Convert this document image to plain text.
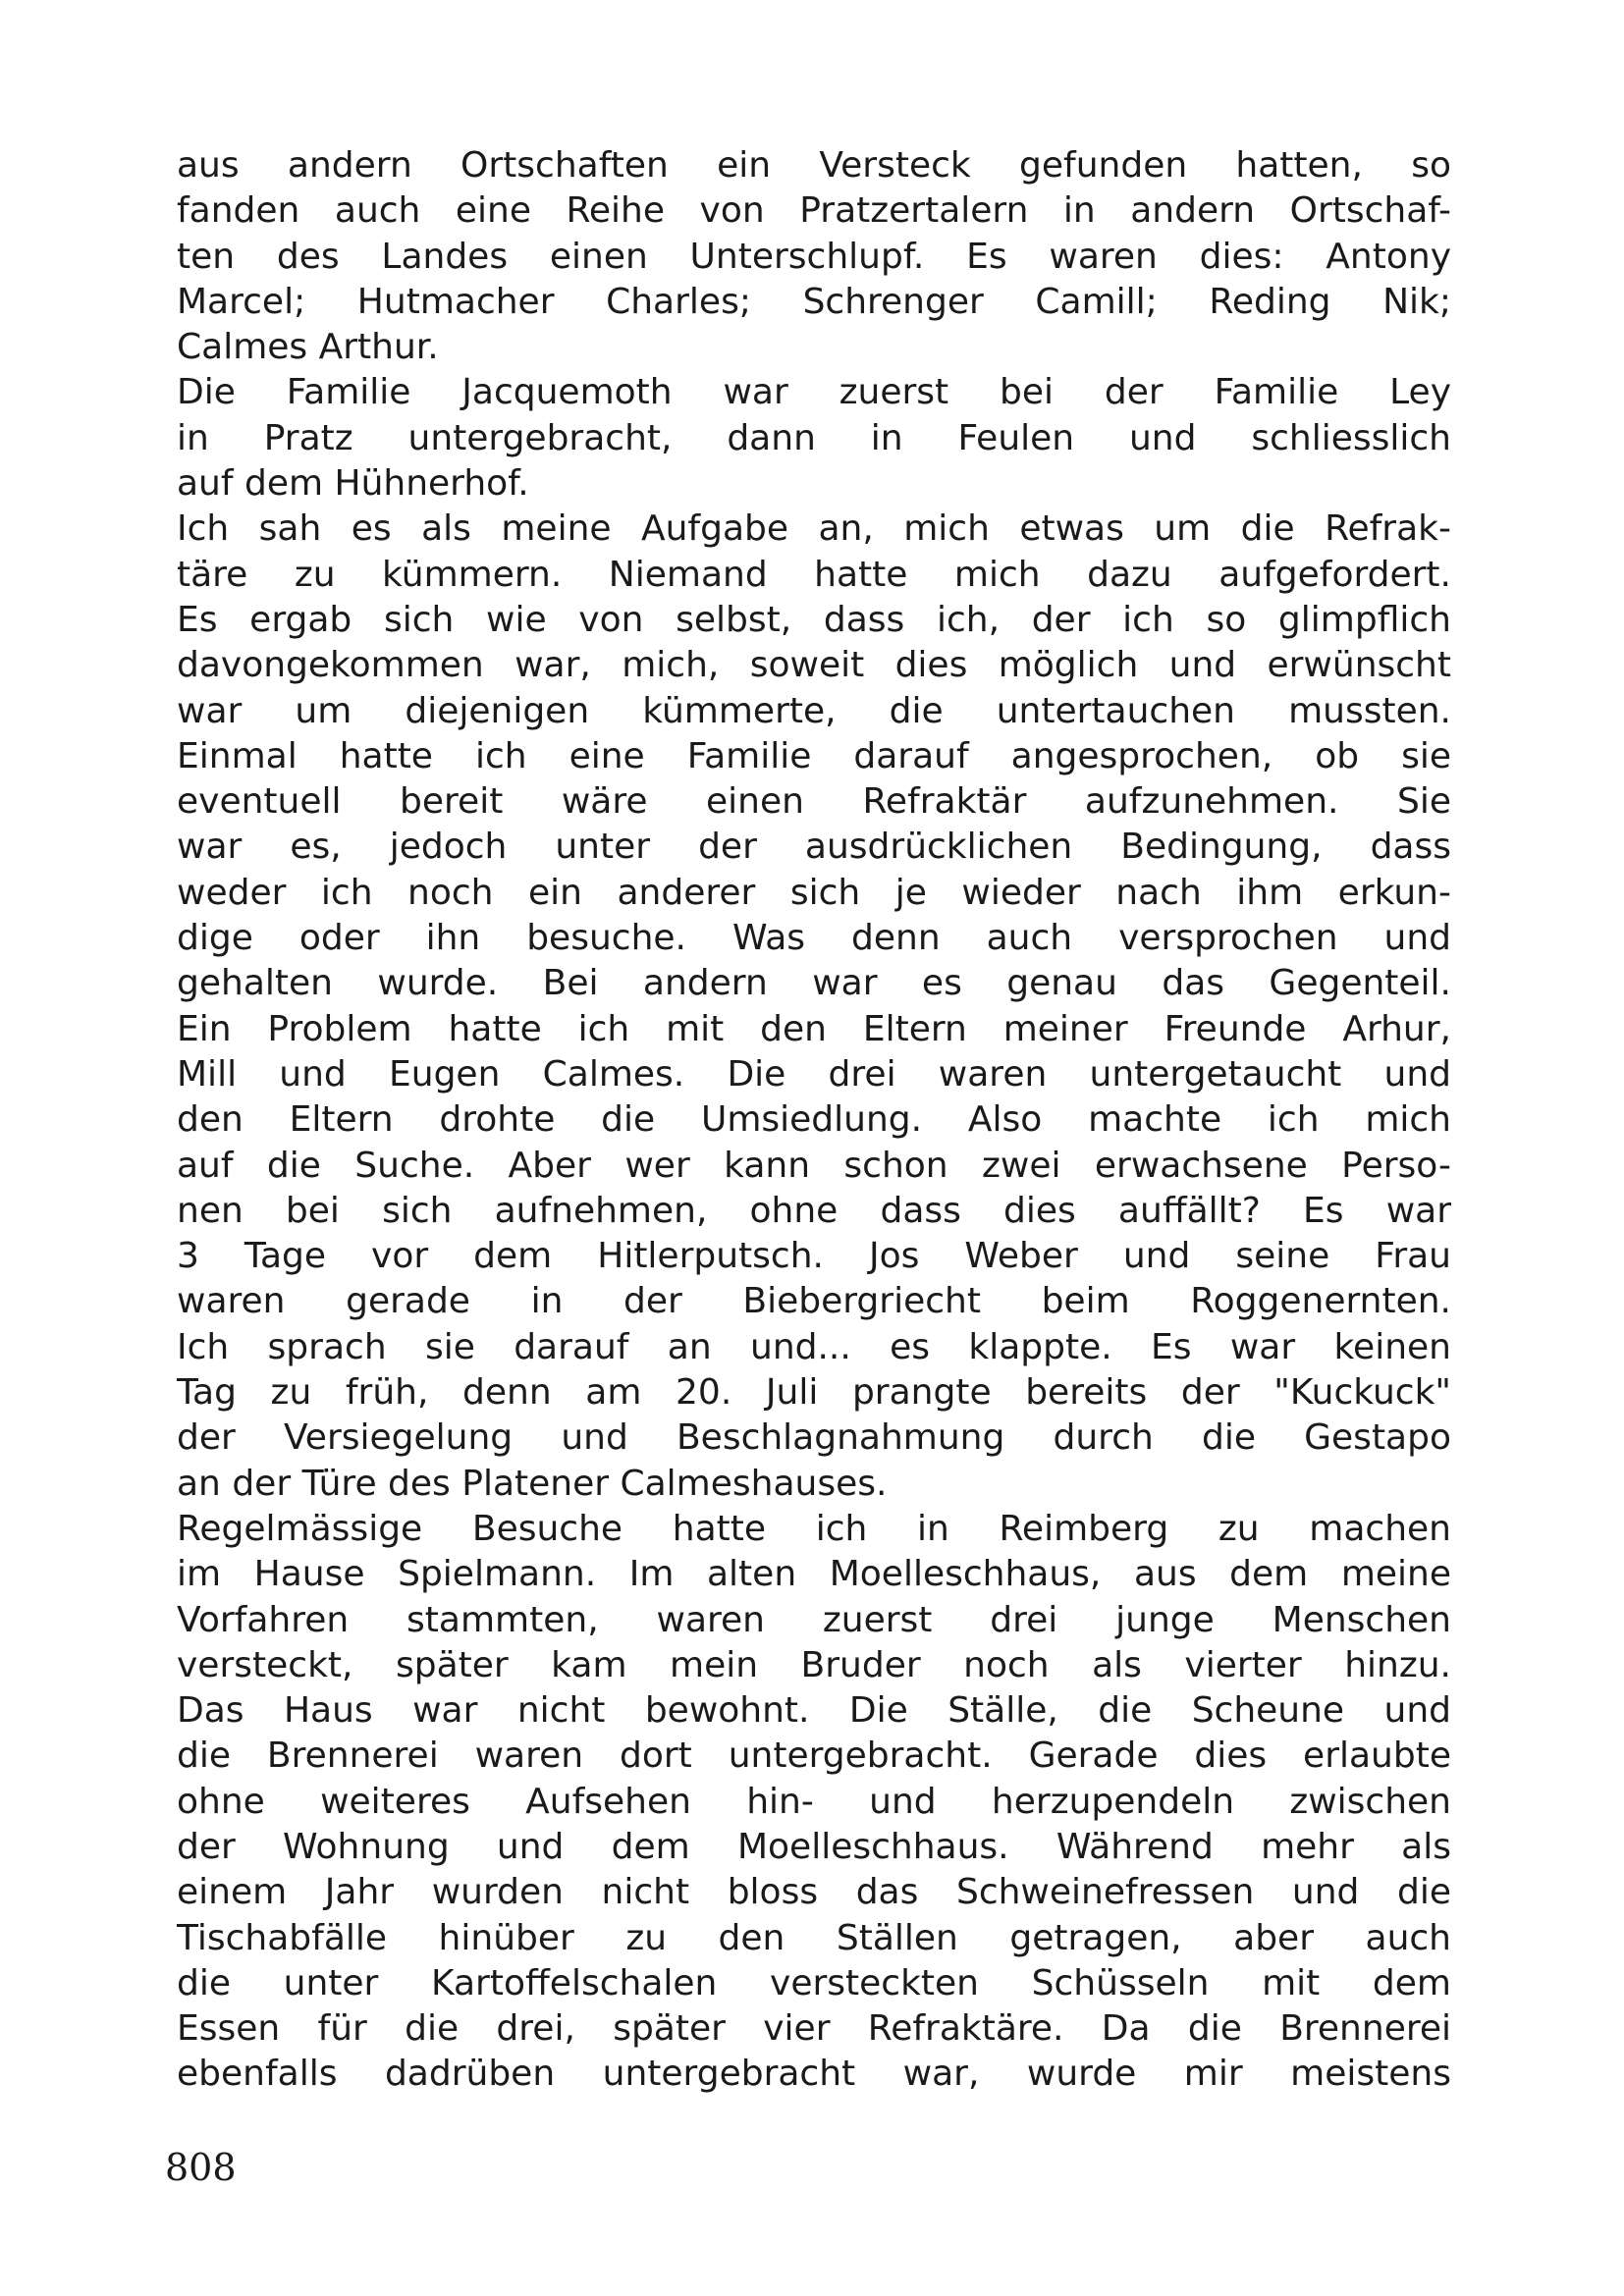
aus andern Ortschaften ein Versteck gefunden hatten, so
fanden auch eine Reihe von Pratzertalern in andern Ortschaf-
ten des Landes einen Unterschlupf. Es waren dies: Antony
Marcel; Hutmacher Charles; Schrenger Camill; Reding Nik;
Calmes Arthur.
Die Familie Jacquemoth war zuerst bei der Familie Ley
in Pratz untergebracht, dann in Feulen und schliesslich
auf dem Hühnerhof.
Ich sah es als meine Aufgabe an, mich etwas um die Refrak-
täre zu kümmern. Niemand hatte mich dazu aufgefordert.
Es ergab sich wie von selbst, dass ich, der ich so glimpflich
davongekommen war, mich, soweit dies möglich und erwünscht
war um diejenigen kümmerte, die untertauchen mussten.
Einmal hatte ich eine Familie darauf angesprochen, ob sie
eventuell bereit wäre einen Refraktär aufzunehmen. Sie
war es, jedoch unter der ausdrücklichen Bedingung, dass
weder ich noch ein anderer sich je wieder nach ihm erkun-
dige oder ihn besuche. Was denn auch versprochen und
gehalten wurde. Bei andern war es genau das Gegenteil.
Ein Problem hatte ich mit den Eltern meiner Freunde Arhur,
Mill und Eugen Calmes. Die drei waren untergetaucht und
den Eltern drohte die Umsiedlung. Also machte ich mich
auf die Suche. Aber wer kann schon zwei erwachsene Perso-
nen bei sich aufnehmen, ohne dass dies auffällt? Es war
3 Tage vor dem Hitlerputsch. Jos Weber und seine Frau
waren gerade in der Biebergriecht beim Roggenernten.
Ich sprach sie darauf an und... es klappte. Es war keinen
Tag zu früh, denn am 20. Juli prangte bereits der "Kuckuck"
der Versiegelung und Beschlagnahmung durch die Gestapo
an der Türe des Platener Calmeshauses.
Regelmässige Besuche hatte ich in Reimberg zu machen
im Hause Spielmann. Im alten Moelleschhaus, aus dem meine
Vorfahren stammten, waren zuerst drei junge Menschen
versteckt, später kam mein Bruder noch als vierter hinzu.
Das Haus war nicht bewohnt. Die Ställe, die Scheune und
die Brennerei waren dort untergebracht. Gerade dies erlaubte
ohne weiteres Aufsehen hin- und herzupendeln zwischen
der Wohnung und dem Moelleschhaus. Während mehr als
einem Jahr wurden nicht bloss das Schweinefressen und die
Tischabfälle hinüber zu den Ställen getragen, aber auch
die unter Kartoffelschalen versteckten Schüsseln mit dem
Essen für die drei, später vier Refraktäre. Da die Brennerei
ebenfalls dadrüben untergebracht war, wurde mir meistens
808
